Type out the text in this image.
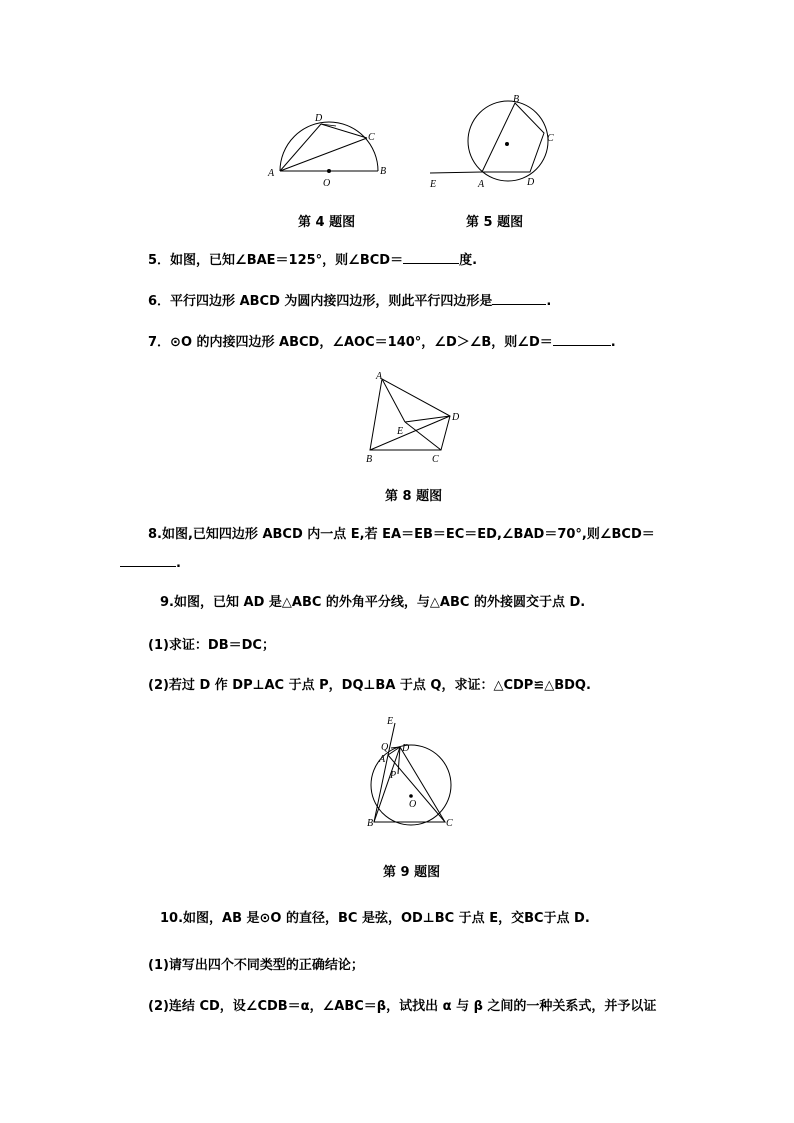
A	B
C
D
O
第 4 题图
E	A
B
C
D
第 5 题图
5．如图，已知∠BAE＝125°，则∠BCD＝	度.
6．平行四边形 ABCD 为圆内接四边形，则此平行四边形是	.
7．⊙O 的内接四边形 ABCD，∠AOC＝140°，∠D＞∠B，则∠D＝	.
A
B	C
D
E
第 8 题图
8.如图,已知四边形 ABCD 内一点 E,若 EA＝EB＝EC＝ED,∠BAD＝70°,则∠BCD＝
.
9.如图，已知 AD 是△ABC 的外角平分线，与△ABC 的外接圆交于点 D.
(1)求证：DB＝DC；
(2)若过 D 作 DP⊥AC 于点 P，DQ⊥BA 于点 Q，求证：△CDP≌△BDQ.
E
Q
A
P
D
O
B	C
第 9 题图
10.如图，AB 是⊙O 的直径，BC 是弦，OD⊥BC 于点 E，交BC于点 D.
(1)请写出四个不同类型的正确结论；
(2)连结 CD，设∠CDB＝α，∠ABC＝β，试找出 α 与 β 之间的一种关系式，并予以证
